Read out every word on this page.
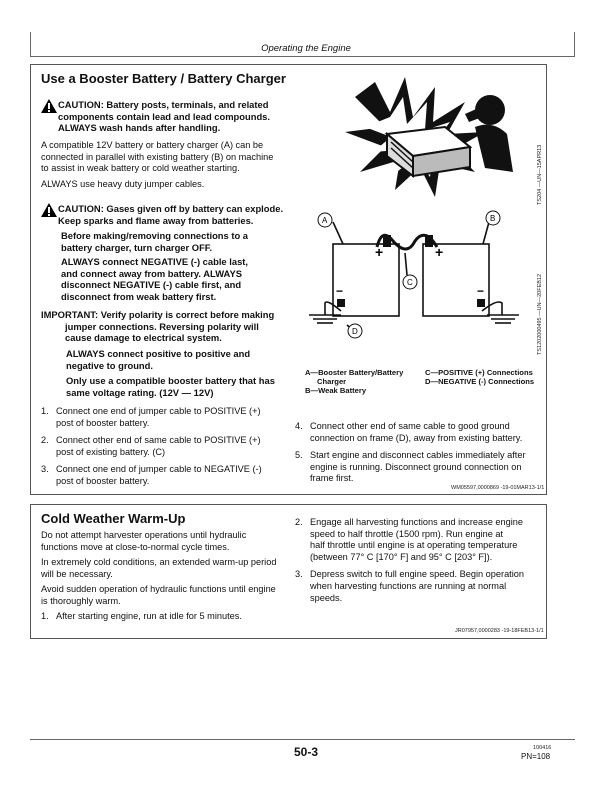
Operating the Engine
Use a Booster Battery / Battery Charger
CAUTION: Battery posts, terminals, and related
components contain lead and lead compounds.
ALWAYS wash hands after handling.
A compatible 12V battery or battery charger (A) can be
connected in parallel with existing battery (B) on machine
to assist in weak battery or cold weather starting.
ALWAYS use heavy duty jumper cables.
CAUTION: Gases given off by battery can explode.
Keep sparks and flame away from batteries.
Before making/removing connections to a
battery charger, turn charger OFF.
ALWAYS connect NEGATIVE (-) cable last,
and connect away from battery. ALWAYS
disconnect NEGATIVE (-) cable first, and
disconnect from weak battery first.
IMPORTANT: Verify polarity is correct before making
jumper connections. Reversing polarity will
cause damage to electrical system.
ALWAYS connect positive to positive and
negative to ground.
Only use a compatible booster battery that has
same voltage rating. (12V — 12V)
1. Connect one end of jumper cable to POSITIVE (+)
post of booster battery.
2. Connect other end of same cable to POSITIVE (+)
post of existing battery. (C)
3. Connect one end of jumper cable to NEGATIVE (-)
post of booster battery.
TS204 —UN—15APR13
A	B
C
D
+	+
−	−	TS1202000495 —UN—20FEB12
A—Booster Battery/Battery
Charger
B—Weak Battery
C—POSITIVE (+) Connections
D—NEGATIVE (-) Connections
4. Connect other end of same cable to good ground
connection on frame (D), away from existing battery.
5. Start engine and disconnect cables immediately after
engine is running. Disconnect ground connection on
frame first.
WM05597,0000869 -19-01MAR13-1/1
Cold Weather Warm-Up
Do not attempt harvester operations until hydraulic
functions move at close-to-normal cycle times.
In extremely cold conditions, an extended warm-up period
will be necessary.
Avoid sudden operation of hydraulic functions until engine
is thoroughly warm.
1. After starting engine, run at idle for 5 minutes.
2. Engage all harvesting functions and increase engine
speed to half throttle (1500 rpm). Run engine at
half throttle until engine is at operating temperature
(between 77° C [170° F] and 95° C [203° F]).
3. Depress switch to full engine speed. Begin operation
when harvesting functions are running at normal
speeds.
JR07957,0000283 -19-18FEB13-1/1
50-3	100416
PN=108
